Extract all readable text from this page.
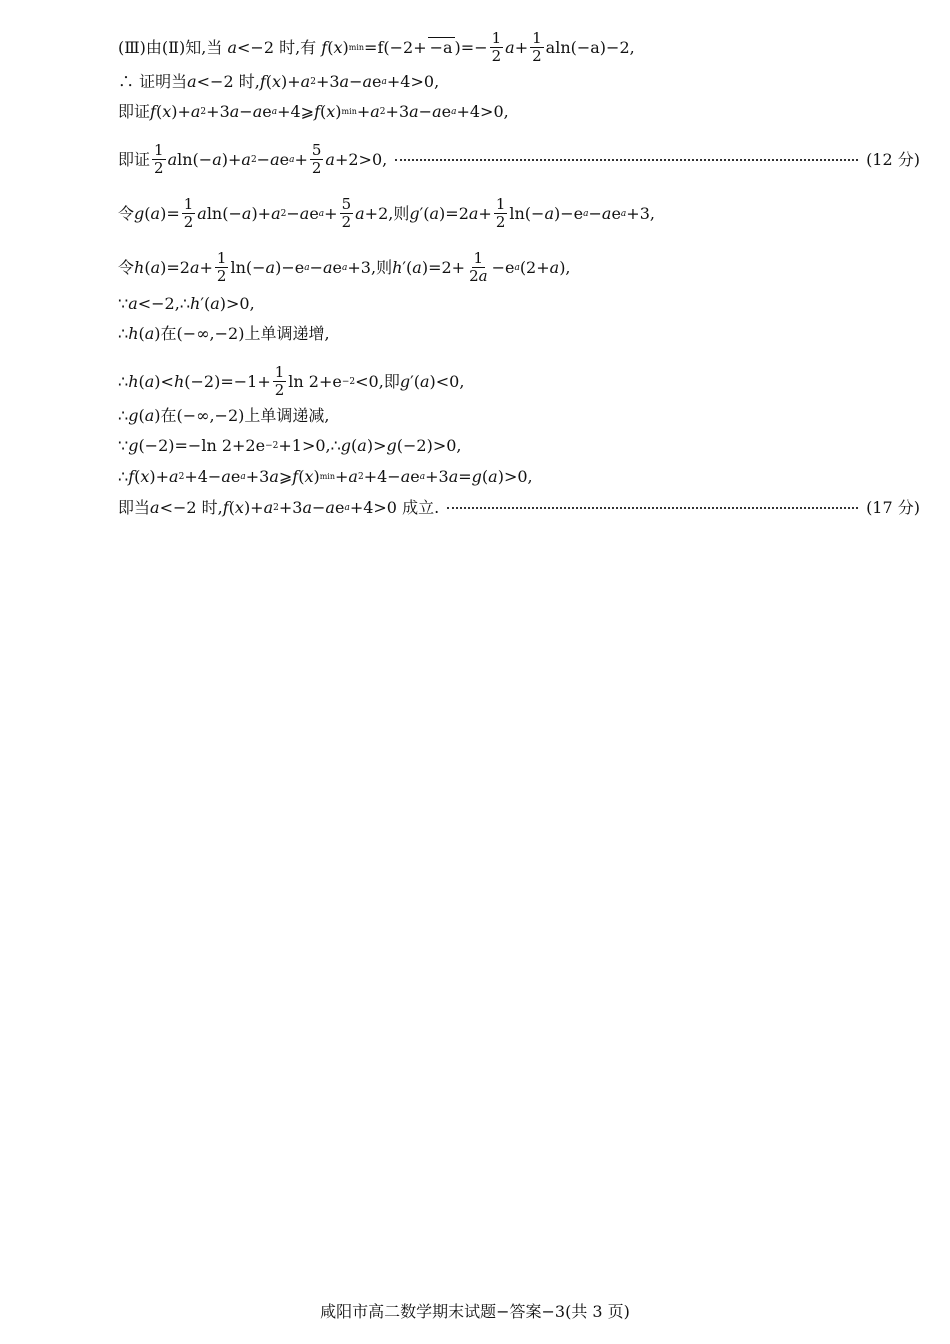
(Ⅲ)由(Ⅱ)知,当
a <−2 时,有
f ( x ) min =f(−2+ −a )=− $\frac{1}{2}$ $a + \frac{1}{2} aln(-a)-2$,
∴ 证明当 a <−2 时, f ( x )+ a 2 +3 a − a e a +4>0,
即证 f ( x )+ a 2 +3 a − a e a +4⩾ f ( x ) min + a 2 +3 a − a e a +4>0,
即证 $\frac{1}{2}$ a ln(− a )+ a 2 − a e $a + \frac{5}{2}$ a +2>0,	(12 分)
令 g ( a ) = $\frac{1}{2}$ a ln(− a )+ a 2 − a e $a + \frac{5}{2}$ a +2,则 g ′( a ) =2 $a + \frac{1}{2} \ln(- a$ )−e a − a e a +3,
令 h ( a ) =2 $a + \frac{1}{2} \ln(- a$ )−e a − a e a +3,则 h ′( a ) $=2+ \frac{1}{2a} -e$ a (2+ a ),
∵ a <−2,∴ h ′( a ) >0,
∴ h ( a ) 在(−∞,−2)上单调递增,
∴ h ( a ) < h $(-2) =-1+ \frac{1}{2}$ ln 2+e −2 <0,即 g ′( a ) <0,
∴ g ( a ) 在(−∞,−2)上单调递减,
∵ g (−2) =−ln 2+2e −2 +1>0,∴ g ( a ) > g (−2) >0,
∴ f ( x )+ a 2 +4− a e a +3 a ⩾ f ( x ) min + a 2 +4− a e a +3 a = g ( a ) >0,
即当 a <−2 时, f ( x )+ a 2 +3 a − a e a +4>0 成立.	(17 分)
咸阳市高二数学期末试题−答案−3(共 3 页)
